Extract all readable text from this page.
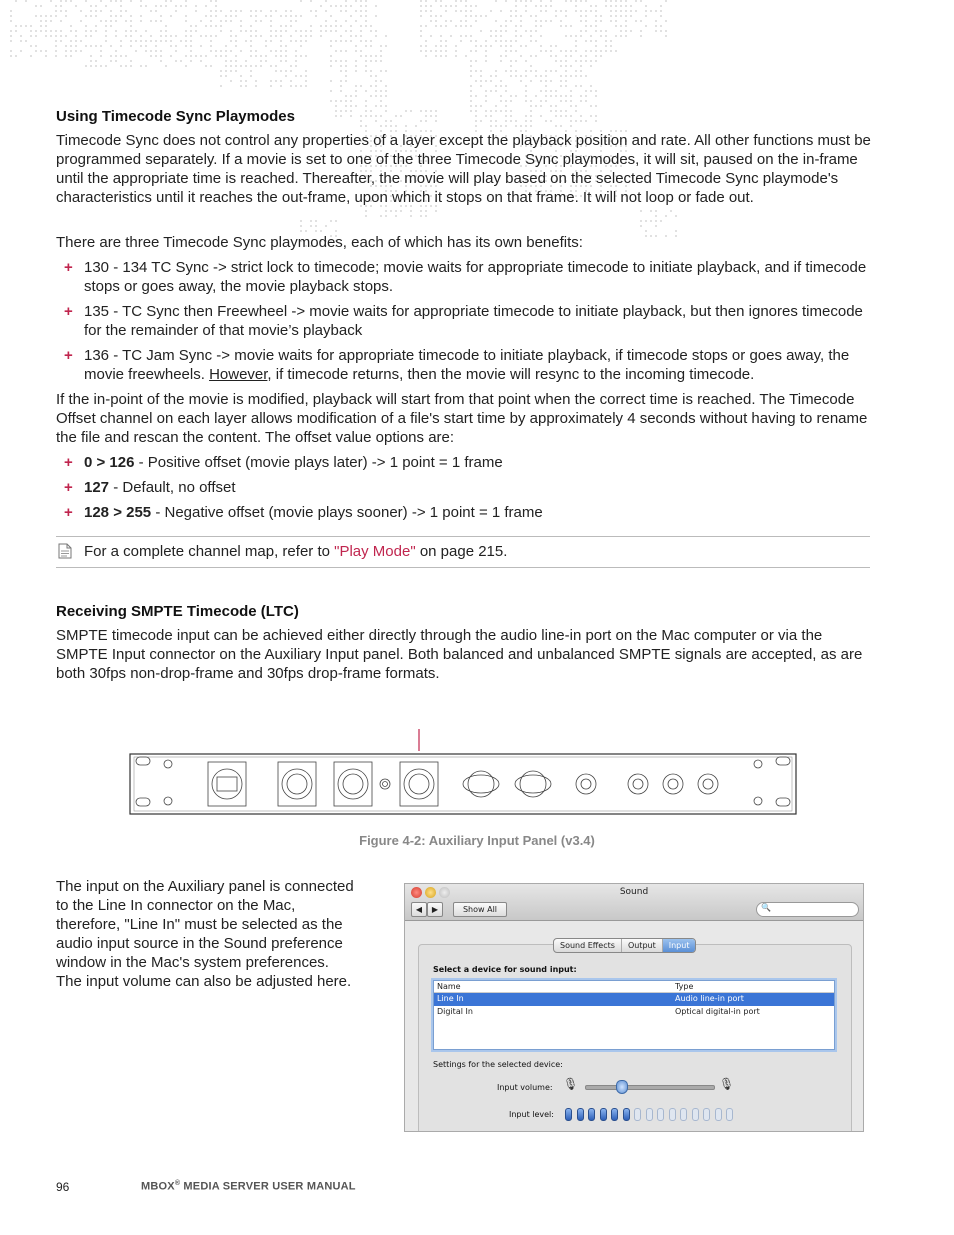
Using Timecode Sync Playmodes

Timecode Sync does not control any properties of a layer except the playback position and rate. All other functions must be programmed separately. If a movie is set to one of the three Timecode Sync playmodes, it will sit, paused on the in-frame until the appropriate time is reached. Thereafter, the movie will play based on the selected Timecode Sync playmode's characteristics until it reaches the out-frame, upon which it stops on that frame. It will not loop or fade out.

There are three Timecode Sync playmodes, each of which has its own benefits:

+ 130 - 134 TC Sync -> strict lock to timecode; movie waits for appropriate timecode to initiate playback, and if timecode stops or goes away, the movie playback stops.
+ 135 - TC Sync then Freewheel -> movie waits for appropriate timecode to initiate playback, but then ignores timecode for the remainder of that movie’s playback
+ 136 - TC Jam Sync -> movie waits for appropriate timecode to initiate playback, if timecode stops or goes away, the movie freewheels. However, if timecode returns, then the movie will resync to the incoming timecode.

If the in-point of the movie is modified, playback will start from that point when the correct time is reached. The Timecode Offset channel on each layer allows modification of a file's start time by approximately 4 seconds without having to rename the file and rescan the content. The offset value options are:

+ 0 > 126 - Positive offset (movie plays later) -> 1 point = 1 frame
+ 127 - Default, no offset
+ 128 > 255 - Negative offset (movie plays sooner) -> 1 point = 1 frame
For a complete channel map, refer to "Play Mode" on page 215.
Receiving SMPTE Timecode (LTC)

SMPTE timecode input can be achieved either directly through the audio line-in port on the Mac computer or via the SMPTE Input connector on the Auxiliary Input panel. Both balanced and unbalanced SMPTE signals are accepted, as are both 30fps non-drop-frame and 30fps drop-frame formats.

Figure 4-2: Auxiliary Input Panel (v3.4)

The input on the Auxiliary panel is connected to the Line In connector on the Mac, therefore, "Line In" must be selected as the audio input source in the Sound preference window in the Mac's system preferences. The input volume can also be adjusted here.

Sound
◀	▶	Show All	🔍
Sound Effects	Output	Input
Select a device for sound input:
Name	Type
Line In	Audio line-in port
Digital In	Optical digital-in port
Settings for the selected device:
Input volume: 🎙	🎙
Input level:
96	MBOX® MEDIA SERVER USER MANUAL
